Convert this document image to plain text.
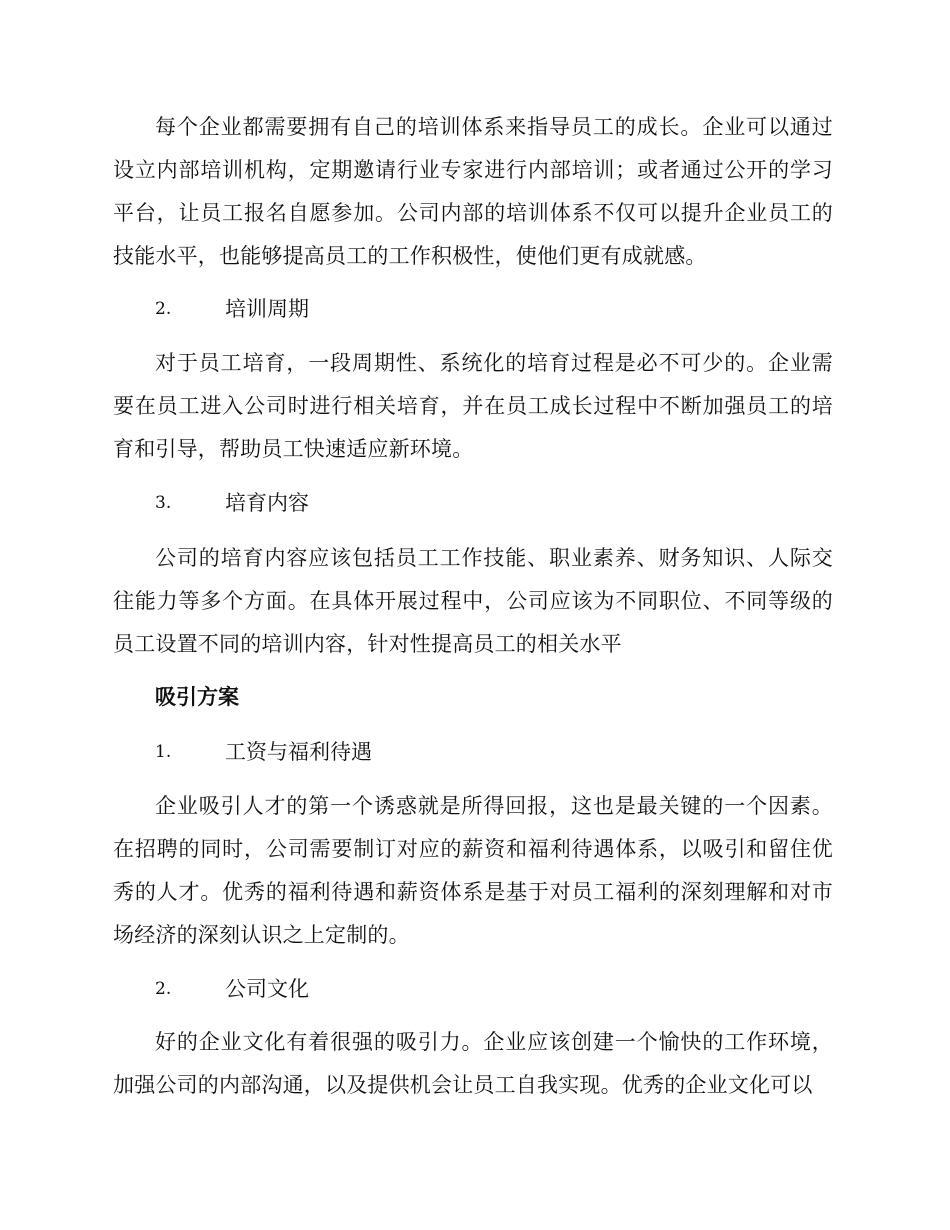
每个企业都需要拥有自己的培训体系来指导员工的成长。企业可以通过设立内部培训机构，定期邀请行业专家进行内部培训；或者通过公开的学习平台，让员工报名自愿参加。公司内部的培训体系不仅可以提升企业员工的技能水平，也能够提高员工的工作积极性，使他们更有成就感。

2.	培训周期

对于员工培育，一段周期性、系统化的培育过程是必不可少的。企业需要在员工进入公司时进行相关培育，并在员工成长过程中不断加强员工的培育和引导，帮助员工快速适应新环境。

3.	培育内容

公司的培育内容应该包括员工工作技能、职业素养、财务知识、人际交往能力等多个方面。在具体开展过程中，公司应该为不同职位、不同等级的员工设置不同的培训内容，针对性提高员工的相关水平

吸引方案
1.	工资与福利待遇

企业吸引人才的第一个诱惑就是所得回报，这也是最关键的一个因素。在招聘的同时，公司需要制订对应的薪资和福利待遇体系，以吸引和留住优秀的人才。优秀的福利待遇和薪资体系是基于对员工福利的深刻理解和对市场经济的深刻认识之上定制的。

2.	公司文化

好的企业文化有着很强的吸引力。企业应该创建一个愉快的工作环境，加强公司的内部沟通，以及提供机会让员工自我实现。优秀的企业文化可以
